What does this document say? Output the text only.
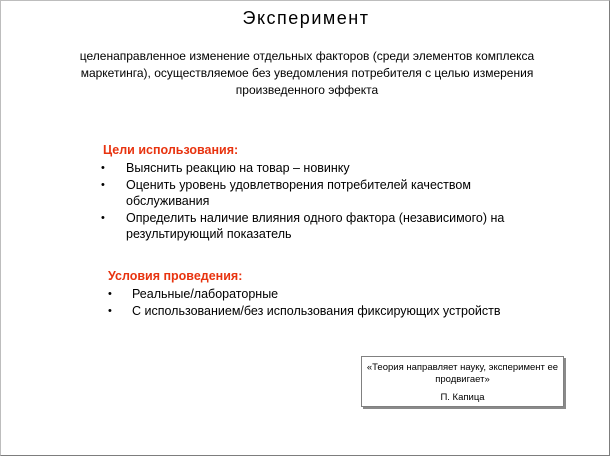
Эксперимент
целенаправленное изменение отдельных факторов (среди элементов комплекса маркетинга), осуществляемое без уведомления потребителя с целью измерения произведенного эффекта
Цели использования:
• Выяснить реакцию на товар – новинку
• Оценить уровень удовлетворения потребителей качеством обслуживания
• Определить наличие влияния одного фактора (независимого) на результирующий показатель
Условия проведения:
• Реальные/лабораторные
• С использованием/без использования фиксирующих устройств
«Теория направляет науку, эксперимент ее продвигает»
П. Капица
